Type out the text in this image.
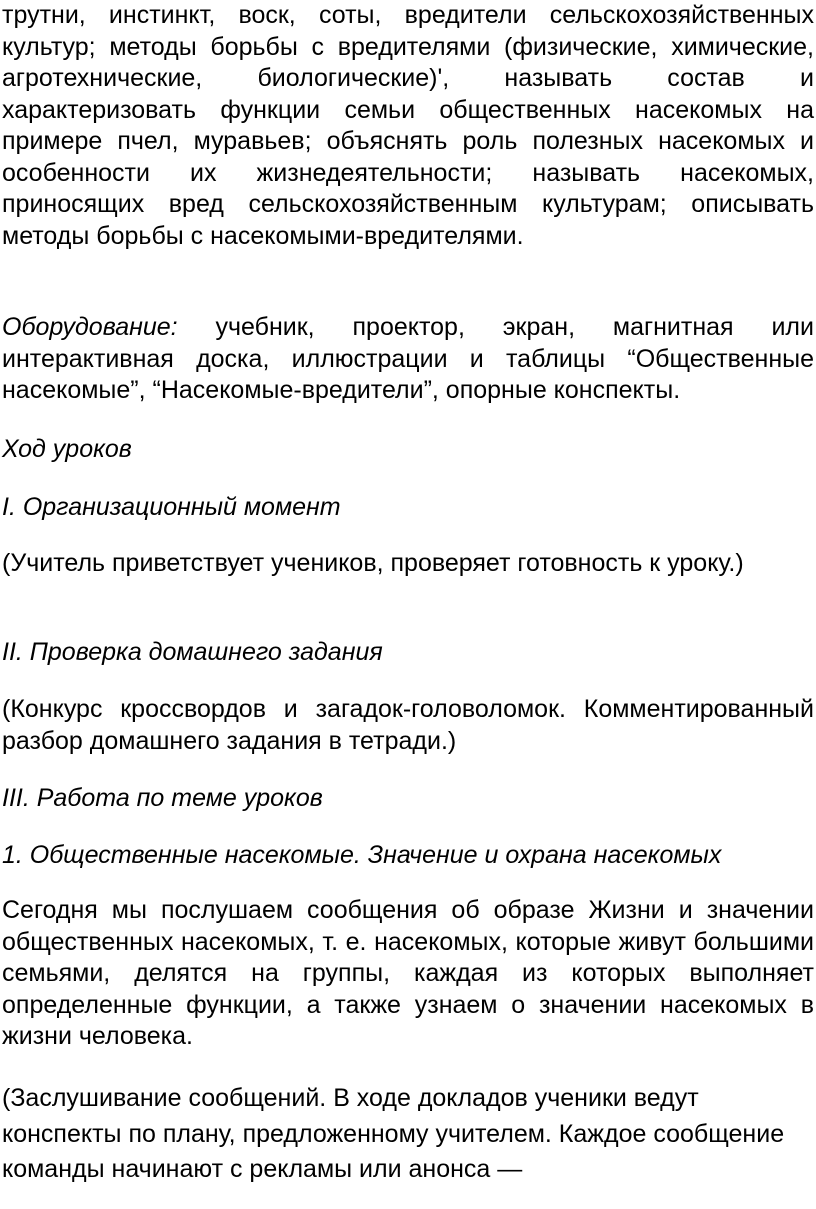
трутни, инстинкт, воск, соты, вредители сельскохозяйственных культур; методы борьбы с вредителями (физические, химические, агротехнические, биологические)', называть состав и характеризовать функции семьи общественных насекомых на примере пчел, муравьев; объяснять роль полезных насекомых и особенности их жизнедеятельности; называть насекомых, приносящих вред сельскохозяйственным культурам; описывать методы борьбы с насекомыми-вредителями.

Оборудование: учебник, проектор, экран, магнитная или интерактивная доска, иллюстрации и таблицы “Общественные насекомые”, “Насекомые-вредители”, опорные конспекты.

Ход уроков

I. Организационный момент

(Учитель приветствует учеников, проверяет готовность к уроку.)

II. Проверка домашнего задания

(Конкурс кроссвордов и загадок-головоломок. Комментированный разбор домашнего задания в тетради.)

III. Работа по теме уроков

1. Общественные насекомые. Значение и охрана насекомых

Сегодня мы послушаем сообщения об образе Жизни и значении общественных насекомых, т. е. насекомых, которые живут большими семьями, делятся на группы, каждая из которых выполняет определенные функции, а также узнаем о значении насекомых в жизни человека.

(Заслушивание сообщений. В ходе докладов ученики ведут конспекты по плану, предложенному учителем. Каждое сообщение команды начинают с рекламы или анонса —
